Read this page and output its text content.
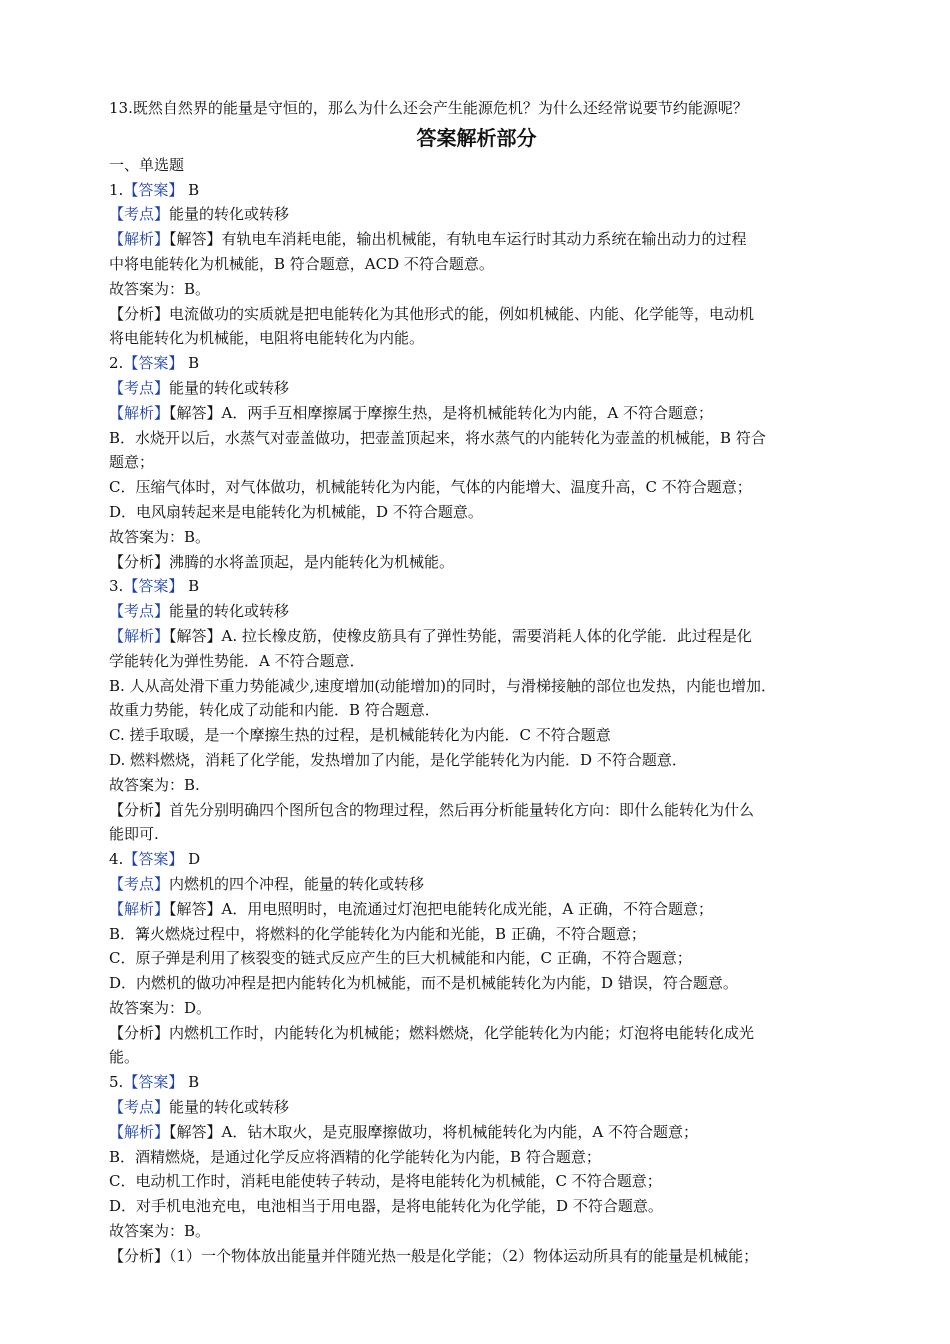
13.既然自然界的能量是守恒的，那么为什么还会产生能源危机？为什么还经常说要节约能源呢？
答案解析部分
一、单选题
1.【答案】 B
【考点】能量的转化或转移
【解析】【解答】有轨电车消耗电能，输出机械能，有轨电车运行时其动力系统在输出动力的过程
中将电能转化为机械能，B 符合题意，ACD 不符合题意。
故答案为：B。
【分析】电流做功的实质就是把电能转化为其他形式的能，例如机械能、内能、化学能等，电动机
将电能转化为机械能，电阻将电能转化为内能。
2.【答案】 B
【考点】能量的转化或转移
【解析】【解答】A．两手互相摩擦属于摩擦生热，是将机械能转化为内能，A 不符合题意；
B．水烧开以后，水蒸气对壶盖做功，把壶盖顶起来，将水蒸气的内能转化为壶盖的机械能，B 符合
题意；
C．压缩气体时，对气体做功，机械能转化为内能，气体的内能增大、温度升高，C 不符合题意；
D．电风扇转起来是电能转化为机械能，D 不符合题意。
故答案为：B。
【分析】沸腾的水将盖顶起，是内能转化为机械能。
3.【答案】 B
【考点】能量的转化或转移
【解析】【解答】A. 拉长橡皮筋，使橡皮筋具有了弹性势能，需要消耗人体的化学能．此过程是化
学能转化为弹性势能．A 不符合题意．
B. 人从高处滑下重力势能减少,速度增加(动能增加)的同时，与滑梯接触的部位也发热，内能也增加．
故重力势能，转化成了动能和内能．B 符合题意．
C. 搓手取暖，是一个摩擦生热的过程，是机械能转化为内能．C 不符合题意
D. 燃料燃烧，消耗了化学能，发热增加了内能，是化学能转化为内能．D 不符合题意．
故答案为：B.
【分析】首先分别明确四个图所包含的物理过程，然后再分析能量转化方向：即什么能转化为什么
能即可.
4.【答案】 D
【考点】内燃机的四个冲程，能量的转化或转移
【解析】【解答】A．用电照明时，电流通过灯泡把电能转化成光能，A 正确，不符合题意；
B．篝火燃烧过程中，将燃料的化学能转化为内能和光能，B 正确，不符合题意；
C．原子弹是利用了核裂变的链式反应产生的巨大机械能和内能，C 正确，不符合题意；
D．内燃机的做功冲程是把内能转化为机械能，而不是机械能转化为内能，D 错误，符合题意。
故答案为：D。
【分析】内燃机工作时，内能转化为机械能；燃料燃烧，化学能转化为内能；灯泡将电能转化成光
能。
5.【答案】 B
【考点】能量的转化或转移
【解析】【解答】A．钻木取火，是克服摩擦做功，将机械能转化为内能，A 不符合题意；
B．酒精燃烧，是通过化学反应将酒精的化学能转化为内能，B 符合题意；
C．电动机工作时，消耗电能使转子转动，是将电能转化为机械能，C 不符合题意；
D．对手机电池充电，电池相当于用电器，是将电能转化为化学能，D 不符合题意。
故答案为：B。
【分析】（1）一个物体放出能量并伴随光热一般是化学能；（2）物体运动所具有的能量是机械能；
